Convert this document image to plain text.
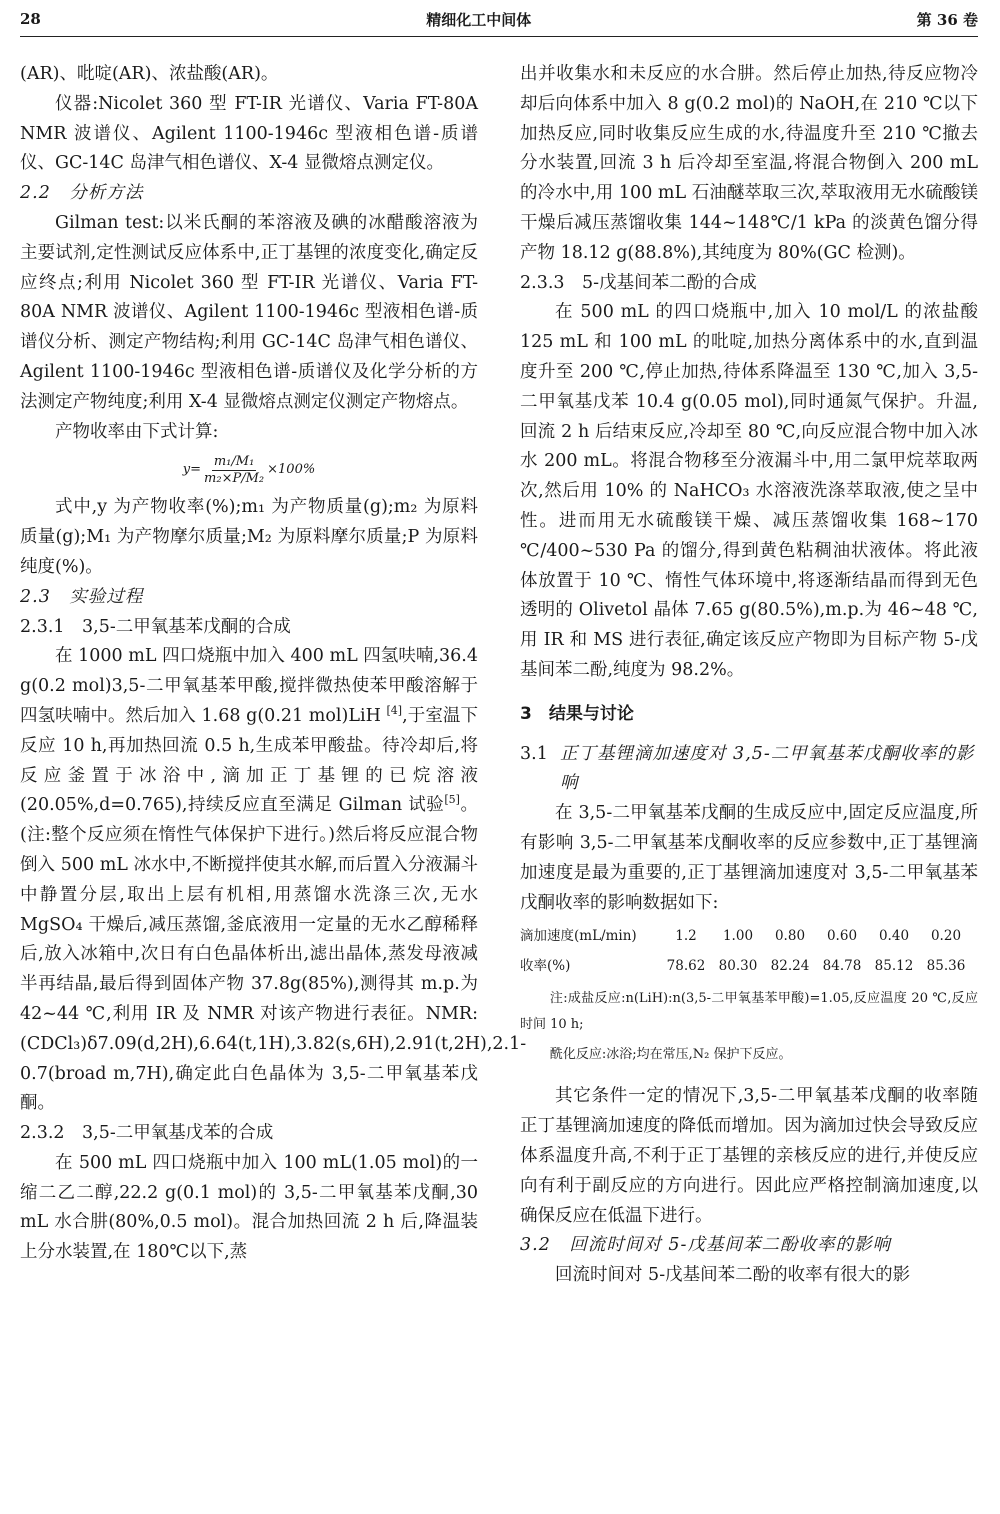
28	精细化工中间体	第 36 卷

(AR)、吡啶(AR)、浓盐酸(AR)。

仪器:Nicolet 360 型 FT-IR 光谱仪、Varia FT-80A NMR 波谱仪、Agilent 1100-1946c 型液相色谱-质谱仪、GC-14C 岛津气相色谱仪、X-4 显微熔点测定仪。

2.2　分析方法

Gilman test:以米氏酮的苯溶液及碘的冰醋酸溶液为主要试剂,定性测试反应体系中,正丁基锂的浓度变化,确定反应终点;利用 Nicolet 360 型 FT-IR 光谱仪、Varia FT-80A NMR 波谱仪、Agilent 1100-1946c 型液相色谱-质谱仪分析、测定产物结构;利用 GC-14C 岛津气相色谱仪、Agilent 1100-1946c 型液相色谱-质谱仪及化学分析的方法测定产物纯度;利用 X-4 显微熔点测定仪测定产物熔点。

产物收率由下式计算:

$y= \frac{\text{m₁/M₁}}{\text{m₂×P/M₂}} \times 100\%$

式中,y 为产物收率(%);m₁ 为产物质量(g);m₂ 为原料质量(g);M₁ 为产物摩尔质量;M₂ 为原料摩尔质量;P 为原料纯度(%)。

2.3　实验过程

2.3.1　3,5-二甲氧基苯戊酮的合成

在 1000 mL 四口烧瓶中加入 400 mL 四氢呋喃,36.4 g(0.2 mol)3,5-二甲氧基苯甲酸,搅拌微热使苯甲酸溶解于四氢呋喃中。然后加入 1.68 g(0.21 mol)LiH [4],于室温下反应 10 h,再加热回流 0.5 h,生成苯甲酸盐。待冷却后,将反应釜置于冰浴中,滴加正丁基锂的已烷溶液(20.05%,d=0.765),持续反应直至满足 Gilman 试验[5]。(注:整个反应须在惰性气体保护下进行。)然后将反应混合物倒入 500 mL 冰水中,不断搅拌使其水解,而后置入分液漏斗中静置分层,取出上层有机相,用蒸馏水洗涤三次,无水 MgSO₄ 干燥后,减压蒸馏,釜底液用一定量的无水乙醇稀释后,放入冰箱中,次日有白色晶体析出,滤出晶体,蒸发母液减半再结晶,最后得到固体产物 37.8g(85%),测得其 m.p.为 42~44 ℃,利用 IR 及 NMR 对该产物进行表征。NMR:(CDCl₃)δ7.09(d,2H),6.64(t,1H),3.82(s,6H),2.91(t,2H),2.1-0.7(broad m,7H),确定此白色晶体为 3,5-二甲氧基苯戊酮。

2.3.2　3,5-二甲氧基戊苯的合成

在 500 mL 四口烧瓶中加入 100 mL(1.05 mol)的一缩二乙二醇,22.2 g(0.1 mol)的 3,5-二甲氧基苯戊酮,30 mL 水合肼(80%,0.5 mol)。混合加热回流 2 h 后,降温装上分水装置,在 180℃以下,蒸

出并收集水和未反应的水合肼。然后停止加热,待反应物冷却后向体系中加入 8 g(0.2 mol)的 NaOH,在 210 ℃以下加热反应,同时收集反应生成的水,待温度升至 210 ℃撤去分水装置,回流 3 h 后冷却至室温,将混合物倒入 200 mL 的冷水中,用 100 mL 石油醚萃取三次,萃取液用无水硫酸镁干燥后减压蒸馏收集 144~148℃/1 kPa 的淡黄色馏分得产物 18.12 g(88.8%),其纯度为 80%(GC 检测)。

2.3.3　5-戊基间苯二酚的合成

在 500 mL 的四口烧瓶中,加入 10 mol/L 的浓盐酸 125 mL 和 100 mL 的吡啶,加热分离体系中的水,直到温度升至 200 ℃,停止加热,待体系降温至 130 ℃,加入 3,5-二甲氧基戊苯 10.4 g(0.05 mol),同时通氮气保护。升温,回流 2 h 后结束反应,冷却至 80 ℃,向反应混合物中加入冰水 200 mL。将混合物移至分液漏斗中,用二氯甲烷萃取两次,然后用 10% 的 NaHCO₃ 水溶液洗涤萃取液,使之呈中性。进而用无水硫酸镁干燥、减压蒸馏收集 168~170 ℃/400~530 Pa 的馏分,得到黄色粘稠油状液体。将此液体放置于 10 ℃、惰性气体环境中,将逐渐结晶而得到无色透明的 Olivetol 晶体 7.65 g(80.5%),m.p.为 46~48 ℃,用 IR 和 MS 进行表征,确定该反应产物即为目标产物 5-戊基间苯二酚,纯度为 98.2%。

3　结果与讨论

3.1 正丁基锂滴加速度对 3,5-二甲氧基苯戊酮收率的影响

在 3,5-二甲氧基苯戊酮的生成反应中,固定反应温度,所有影响 3,5-二甲氧基苯戊酮收率的反应参数中,正丁基锂滴加速度是最为重要的,正丁基锂滴加速度对 3,5-二甲氧基苯戊酮收率的影响数据如下:

滴加速度(mL/min)	1.2	1.00	0.80	0.60	0.40	0.20
收率(%)	78.62	80.30	82.24	84.78	85.12	85.36

注:成盐反应:n(LiH):n(3,5-二甲氧基苯甲酸)=1.05,反应温度 20 ℃,反应时间 10 h;

酰化反应:冰浴;均在常压,N₂ 保护下反应。

其它条件一定的情况下,3,5-二甲氧基苯戊酮的收率随正丁基锂滴加速度的降低而增加。因为滴加过快会导致反应体系温度升高,不利于正丁基锂的亲核反应的进行,并使反应向有利于副反应的方向进行。因此应严格控制滴加速度,以确保反应在低温下进行。

3.2　回流时间对 5-戊基间苯二酚收率的影响

回流时间对 5-戊基间苯二酚的收率有很大的影
